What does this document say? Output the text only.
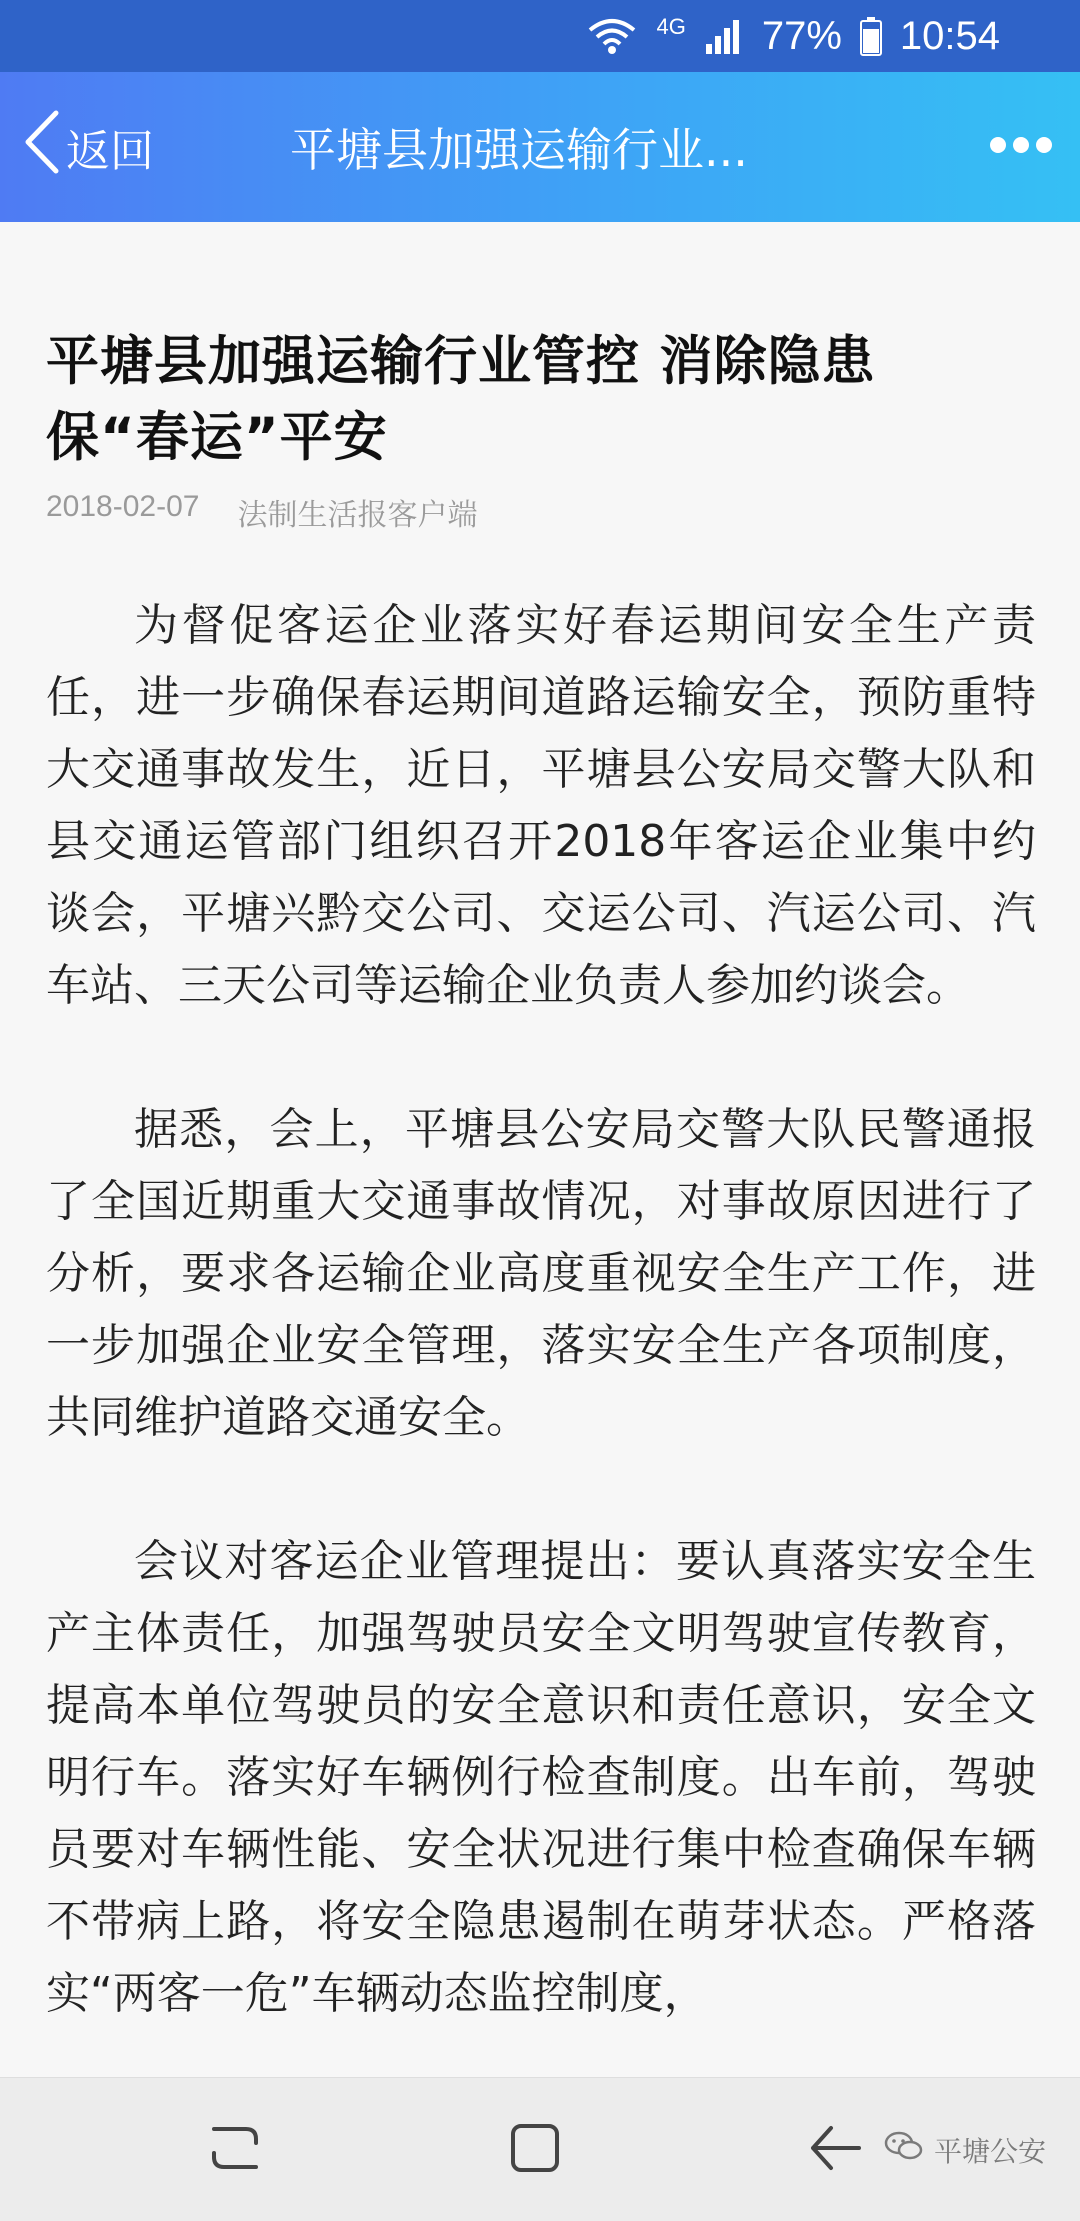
4G 77% 10:54
返回	平塘县加强运输行业...
平塘县加强运输行业管控 消除隐患
保“春运”平安
2018-02-07 法制生活报客户端

为督促客运企业落实好春运期间安全生产责任，进一步确保春运期间道路运输安全，预防重特大交通事故发生，近日，平塘县公安局交警大队和县交通运管部门组织召开2018年客运企业集中约谈会，平塘兴黔交公司、交运公司、汽运公司、汽车站、三天公司等运输企业负责人参加约谈会。

据悉，会上，平塘县公安局交警大队民警通报了全国近期重大交通事故情况，对事故原因进行了分析，要求各运输企业高度重视安全生产工作，进一步加强企业安全管理，落实安全生产各项制度，共同维护道路交通安全。

会议对客运企业管理提出：要认真落实安全生产主体责任，加强驾驶员安全文明驾驶宣传教育，提高本单位驾驶员的安全意识和责任意识，安全文明行车。落实好车辆例行检查制度。出车前，驾驶员要对车辆性能、安全状况进行集中检查确保车辆不带病上路，将安全隐患遏制在萌芽状态。严格落实“两客一危”车辆动态监控制度，

平塘公安
